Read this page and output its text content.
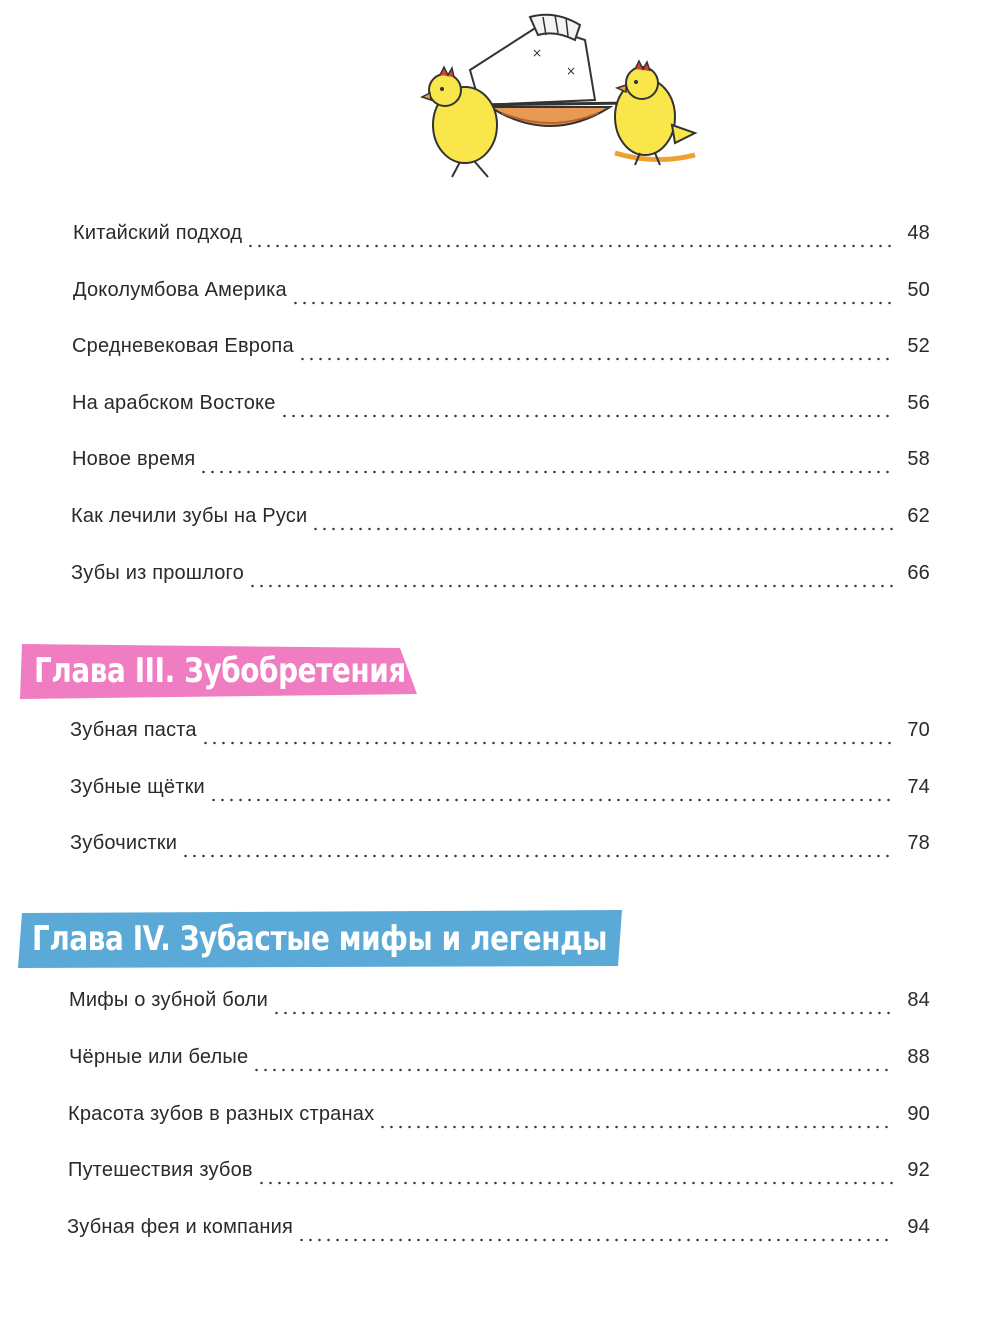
×
×
Китайский подход	48
Доколумбова Америка	50
Средневековая Европа	52
На арабском Востоке	56
Новое время	58
Как лечили зубы на Руси	62
Зубы из прошлого	66
Глава III. Зубобретения
Зубная паста	70
Зубные щётки	74
Зубочистки	78
Глава IV. Зубастые мифы и легенды
Мифы о зубной боли	84
Чёрные или белые	88
Красота зубов в разных странах	90
Путешествия зубов	92
Зубная фея и компания	94
